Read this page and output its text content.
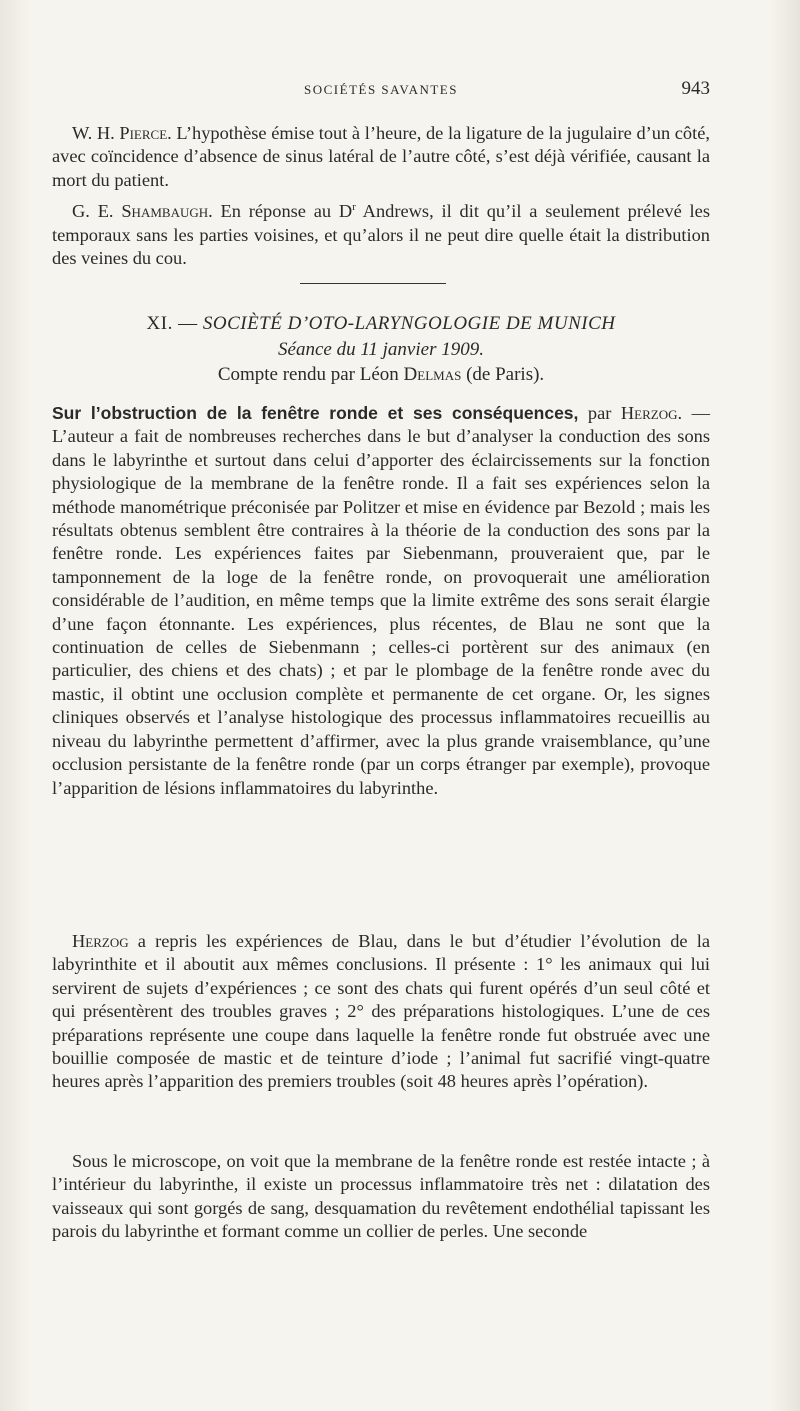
SOCIÉTÉS SAVANTES	943
W. H. Pierce. L’hypothèse émise tout à l’heure, de la ligature de la jugulaire d’un côté, avec coïncidence d’absence de sinus latéral de l’autre côté, s’est déjà vérifiée, causant la mort du patient.
G. E. Shambaugh. En réponse au $D^r$ Andrews, il dit qu’il a seulement prélevé les temporaux sans les parties voisines, et qu’alors il ne peut dire quelle était la distribution des veines du cou.
XI. — SOCIÈTÉ D’OTO-LARYNGOLOGIE DE MUNICH
Séance du 11 janvier 1909.
Compte rendu par Léon Delmas (de Paris).
Sur l’obstruction de la fenêtre ronde et ses conséquences, par Herzog. — L’auteur a fait de nombreuses recherches dans le but d’analyser la conduction des sons dans le labyrinthe et surtout dans celui d’apporter des éclaircissements sur la fonction physiologique de la membrane de la fenêtre ronde. Il a fait ses expériences selon la méthode manométrique préconisée par Politzer et mise en évidence par Bezold ; mais les résultats obtenus semblent être contraires à la théorie de la conduction des sons par la fenêtre ronde. Les expériences faites par Siebenmann, prouveraient que, par le tamponnement de la loge de la fenêtre ronde, on provoquerait une amélioration considérable de l’audition, en même temps que la limite extrême des sons serait élargie d’une façon étonnante. Les expériences, plus récentes, de Blau ne sont que la continuation de celles de Siebenmann ; celles-ci portèrent sur des animaux (en particulier, des chiens et des chats) ; et par le plombage de la fenêtre ronde avec du mastic, il obtint une occlusion complète et permanente de cet organe. Or, les signes cliniques observés et l’analyse histologique des processus inflammatoires recueillis au niveau du labyrinthe permettent d’affirmer, avec la plus grande vraisemblance, qu’une occlusion persistante de la fenêtre ronde (par un corps étranger par exemple), provoque l’apparition de lésions inflammatoires du labyrinthe.
Herzog a repris les expériences de Blau, dans le but d’étudier l’évolution de la labyrinthite et il aboutit aux mêmes conclusions. Il présente : 1° les animaux qui lui servirent de sujets d’expériences ; ce sont des chats qui furent opérés d’un seul côté et qui présentèrent des troubles graves ; 2° des préparations histologiques. L’une de ces préparations représente une coupe dans laquelle la fenêtre ronde fut obstruée avec une bouillie composée de mastic et de teinture d’iode ; l’animal fut sacrifié vingt-quatre heures après l’apparition des premiers troubles (soit 48 heures après l’opération).
Sous le microscope, on voit que la membrane de la fenêtre ronde est restée intacte ; à l’intérieur du labyrinthe, il existe un processus inflammatoire très net : dilatation des vaisseaux qui sont gorgés de sang, desquamation du revêtement endothélial tapissant les parois du labyrinthe et formant comme un collier de perles. Une seconde
